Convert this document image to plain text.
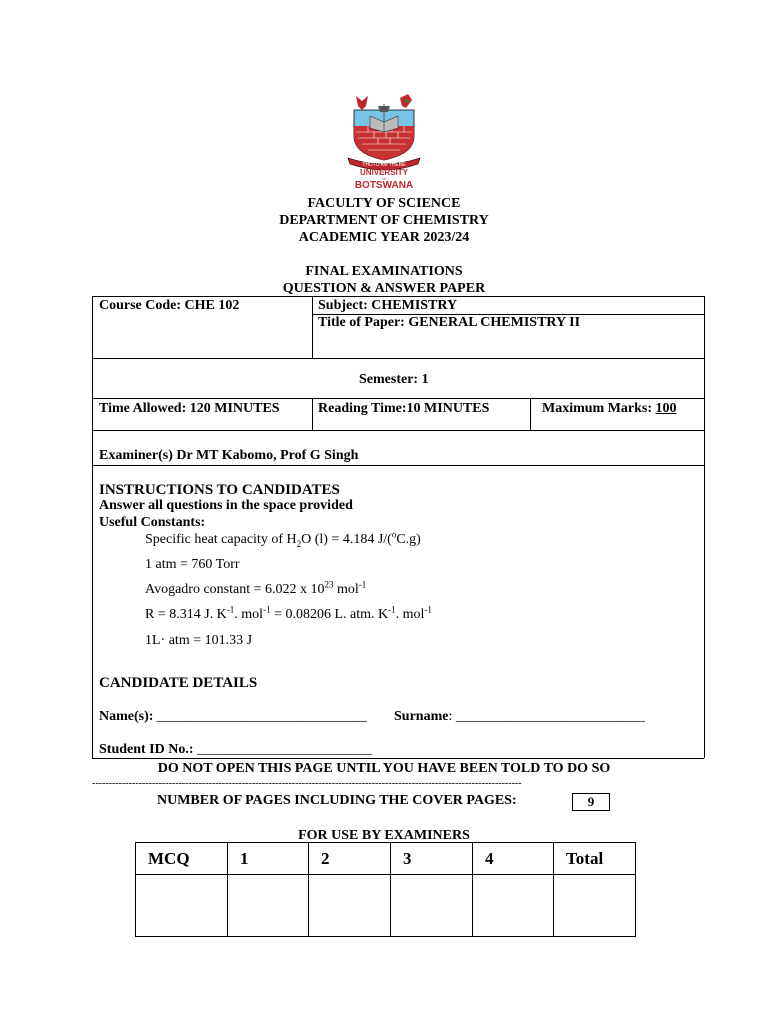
THUTO KE THEBE
UNIVERSITY
of
BOTSWANA
FACULTY OF SCIENCE
DEPARTMENT OF CHEMISTRY
ACADEMIC YEAR 2023/24
FINAL EXAMINATIONS
QUESTION & ANSWER PAPER
Course Code: CHE 102	Subject: CHEMISTRY
Title of Paper: GENERAL CHEMISTRY II
Semester: 1
Time Allowed: 120 MINUTES	Reading Time:10 MINUTES	Maximum Marks: 100
Examiner(s) Dr MT Kabomo, Prof G Singh
INSTRUCTIONS TO CANDIDATES
Answer all questions in the space provided
Useful Constants:
Specific heat capacity of $H_2O$ (l) = 4.184 J/($^o$C.g)
1 atm = 760 Torr
Avogadro constant = 6.022 x $10^{23}$ mol$^{-1}$
R = 8.314 J. $K^{-1}$. mol$^{-1}$ = 0.08206 L. atm. $K^{-1}$. mol$^{-1}$
1L· atm = 101.33 J
CANDIDATE DETAILS
Name(s): ______________________________ Surname: ___________________________
Student ID No.: _________________________
DO NOT OPEN THIS PAGE UNTIL YOU HAVE BEEN TOLD TO DO SO
---------------------------------------------------------------------------------------------------------------------------------
NUMBER OF PAGES INCLUDING THE COVER PAGES:	9
FOR USE BY EXAMINERS
MCQ	1	2	3	4	Total
